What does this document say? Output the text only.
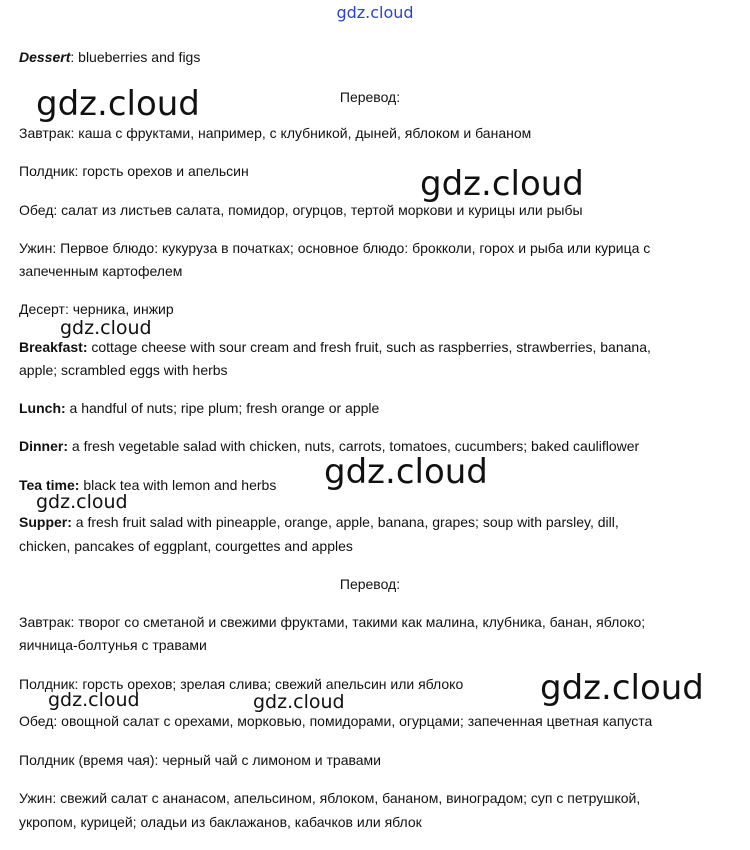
gdz.cloud
gdz.cloud
gdz.cloud
gdz.cloud
gdz.cloud
gdz.cloud
gdz.cloud
gdz.cloud	gdz.cloud
Dessert: blueberries and figs
Перевод:
Завтрак: каша с фруктами, например, с клубникой, дыней, яблоком и бананом
Полдник: горсть орехов и апельсин
Обед: салат из листьев салата, помидор, огурцов, тертой моркови и курицы или рыбы
Ужин: Первое блюдо: кукуруза в початках; основное блюдо: брокколи, горох и рыба или курица с
запеченным картофелем
Десерт: черника, инжир
Breakfast: cottage cheese with sour cream and fresh fruit, such as raspberries, strawberries, banana,
apple; scrambled eggs with herbs
Lunch: a handful of nuts; ripe plum; fresh orange or apple
Dinner: a fresh vegetable salad with chicken, nuts, carrots, tomatoes, cucumbers; baked cauliflower
Tea time: black tea with lemon and herbs
Supper: a fresh fruit salad with pineapple, orange, apple, banana, grapes; soup with parsley, dill,
chicken, pancakes of eggplant, courgettes and apples
Перевод:
Завтрак: творог со сметаной и свежими фруктами, такими как малина, клубника, банан, яблоко;
яичница-болтунья с травами
Полдник: горсть орехов; зрелая слива; свежий апельсин или яблоко
Обед: овощной салат с орехами, морковью, помидорами, огурцами; запеченная цветная капуста
Полдник (время чая): черный чай с лимоном и травами
Ужин: свежий салат с ананасом, апельсином, яблоком, бананом, виноградом; суп с петрушкой,
укропом, курицей; оладьи из баклажанов, кабачков или яблок
